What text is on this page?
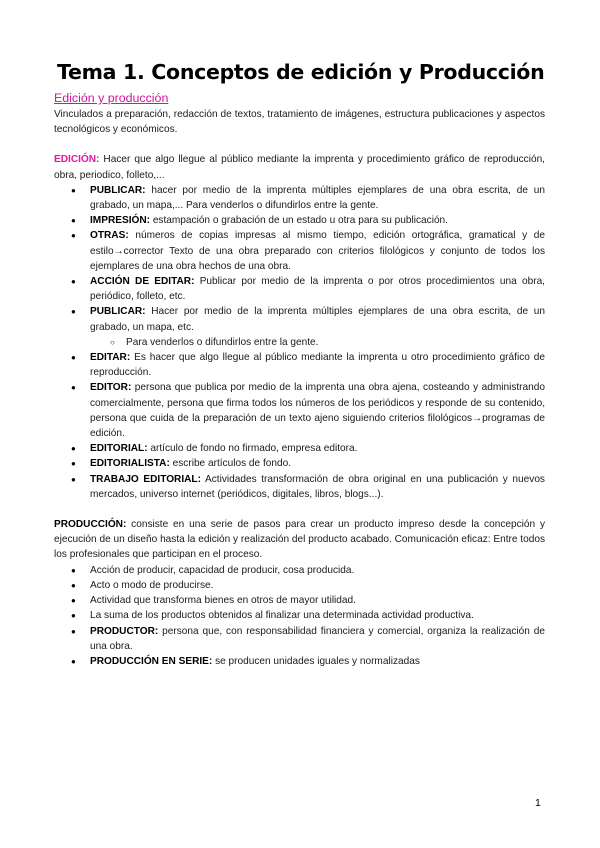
Tema 1. Conceptos de edición y Producción

Edición y producción

Vinculados a preparación, redacción de textos, tratamiento de imágenes, estructura publicaciones y aspectos tecnológicos y económicos.

EDICIÓN: Hacer que algo llegue al público mediante la imprenta y procedimiento gráfico de reproducción, obra, periodico, folleto,...

● PUBLICAR: hacer por medio de la imprenta múltiples ejemplares de una obra escrita, de un grabado, un mapa,... Para venderlos o difundirlos entre la gente.
● IMPRESIÓN: estampación o grabación de un estado u otra para su publicación.
● OTRAS: números de copias impresas al mismo tiempo, edición ortográfica, gramatical y de estilo→corrector Texto de una obra preparado con criterios filológicos y conjunto de todos los ejemplares de una obra hechos de una obra.
● ACCIÓN DE EDITAR: Publicar por medio de la imprenta o por otros procedimientos una obra, periódico, folleto, etc.
● PUBLICAR: Hacer por medio de la imprenta múltiples ejemplares de una obra escrita, de un grabado, un mapa, etc.
○ Para venderlos o difundirlos entre la gente.
● EDITAR: Es hacer que algo llegue al público mediante la imprenta u otro procedimiento gráfico de reproducción.
● EDITOR: persona que publica por medio de la imprenta una obra ajena, costeando y administrando comercialmente, persona que firma todos los números de los periódicos y responde de su contenido, persona que cuida de la preparación de un texto ajeno siguiendo criterios filológicos→programas de edición.
● EDITORIAL: artículo de fondo no firmado, empresa editora.
● EDITORIALISTA: escribe artículos de fondo.
● TRABAJO EDITORIAL: Actividades transformación de obra original en una publicación y nuevos mercados, universo internet (periódicos, digitales, libros, blogs...).

PRODUCCIÓN: consiste en una serie de pasos para crear un producto impreso desde la concepción y ejecución de un diseño hasta la edición y realización del producto acabado. Comunicación eficaz: Entre todos los profesionales que participan en el proceso.

● Acción de producir, capacidad de producir, cosa producida.
● Acto o modo de producirse.
● Actividad que transforma bienes en otros de mayor utilidad.
● La suma de los productos obtenidos al finalizar una determinada actividad productiva.
● PRODUCTOR: persona que, con responsabilidad financiera y comercial, organiza la realización de una obra.
● PRODUCCIÓN EN SERIE: se producen unidades iguales y normalizadas
1
